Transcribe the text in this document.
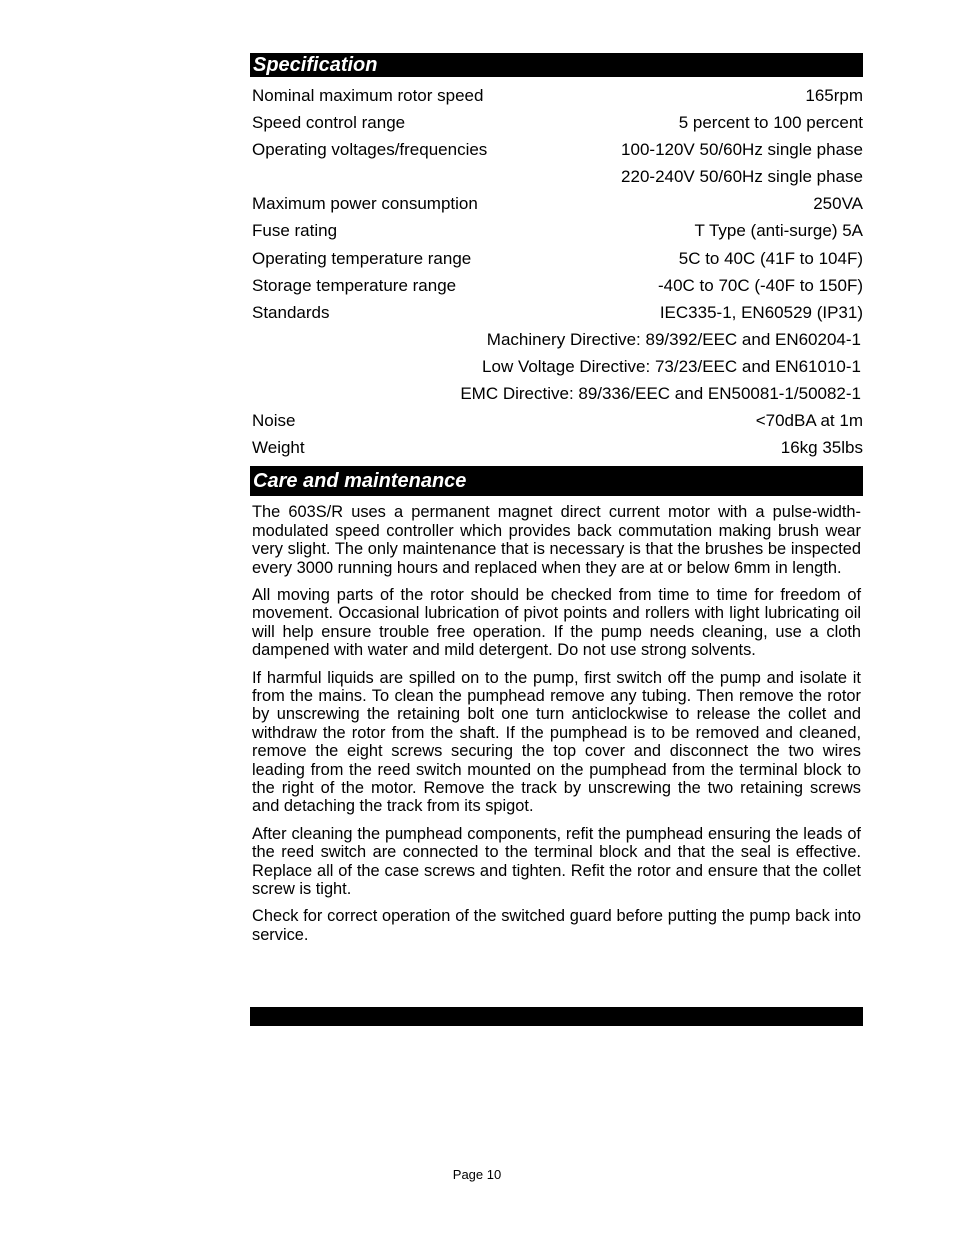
Specification
Nominal maximum rotor speed	165rpm
Speed control range	5 percent to 100 percent
Operating voltages/frequencies	100-120V 50/60Hz single phase
220-240V 50/60Hz single phase
Maximum power consumption	250VA
Fuse rating	T Type (anti-surge) 5A
Operating temperature range	5C to 40C (41F to 104F)
Storage temperature range	-40C to 70C (-40F to 150F)
Standards	IEC335-1, EN60529 (IP31)
Machinery Directive: 89/392/EEC and EN60204-1
Low Voltage Directive: 73/23/EEC and EN61010-1
EMC Directive: 89/336/EEC and EN50081-1/50082-1
Noise	<70dBA at 1m
Weight	16kg 35lbs
Care and maintenance

The 603S/R uses a permanent magnet direct current motor with a pulse-width-modulated speed controller which provides back commutation making brush wear very slight. The only maintenance that is necessary is that the brushes be inspected every 3000 running hours and replaced when they are at or below 6mm in length.

All moving parts of the rotor should be checked from time to time for freedom of movement. Occasional lubrication of pivot points and rollers with light lubricating oil will help ensure trouble free operation. If the pump needs cleaning, use a cloth dampened with water and mild detergent. Do not use strong solvents.

If harmful liquids are spilled on to the pump, first switch off the pump and isolate it from the mains. To clean the pumphead remove any tubing. Then remove the rotor by unscrewing the retaining bolt one turn anticlockwise to release the collet and withdraw the rotor from the shaft. If the pumphead is to be removed and cleaned, remove the eight screws securing the top cover and disconnect the two wires leading from the reed switch mounted on the pumphead from the terminal block to the right of the motor. Remove the track by unscrewing the two retaining screws and detaching the track from its spigot.

After cleaning the pumphead components, refit the pumphead ensuring the leads of the reed switch are connected to the terminal block and that the seal is effective. Replace all of the case screws and tighten. Refit the rotor and ensure that the collet screw is tight.

Check for correct operation of the switched guard before putting the pump back into service.

Page 10
